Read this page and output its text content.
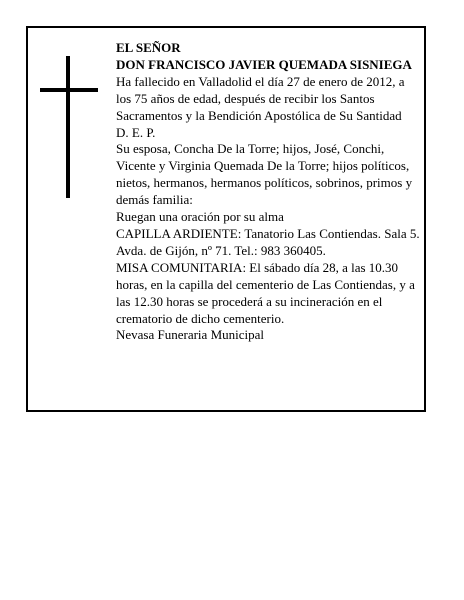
EL SEÑOR

DON FRANCISCO JAVIER QUEMADA SISNIEGA

Ha fallecido en Valladolid el día 27 de enero de 2012, a los 75 años de edad, después de recibir los Santos Sacramentos y la Bendición Apostólica de Su Santidad

D. E. P.

Su esposa, Concha De la Torre; hijos, José, Conchi, Vicente y Virginia Quemada De la Torre; hijos políticos, nietos, hermanos, hermanos políticos, sobrinos, primos y demás familia:

Ruegan una oración por su alma

CAPILLA ARDIENTE: Tanatorio Las Contiendas. Sala 5. Avda. de Gijón, nº 71. Tel.: 983 360405.

MISA COMUNITARIA: El sábado día 28, a las 10.30 horas, en la capilla del cementerio de Las Contiendas, y a las 12.30 horas se procederá a su incineración en el crematorio de dicho cementerio.

Nevasa Funeraria Municipal
